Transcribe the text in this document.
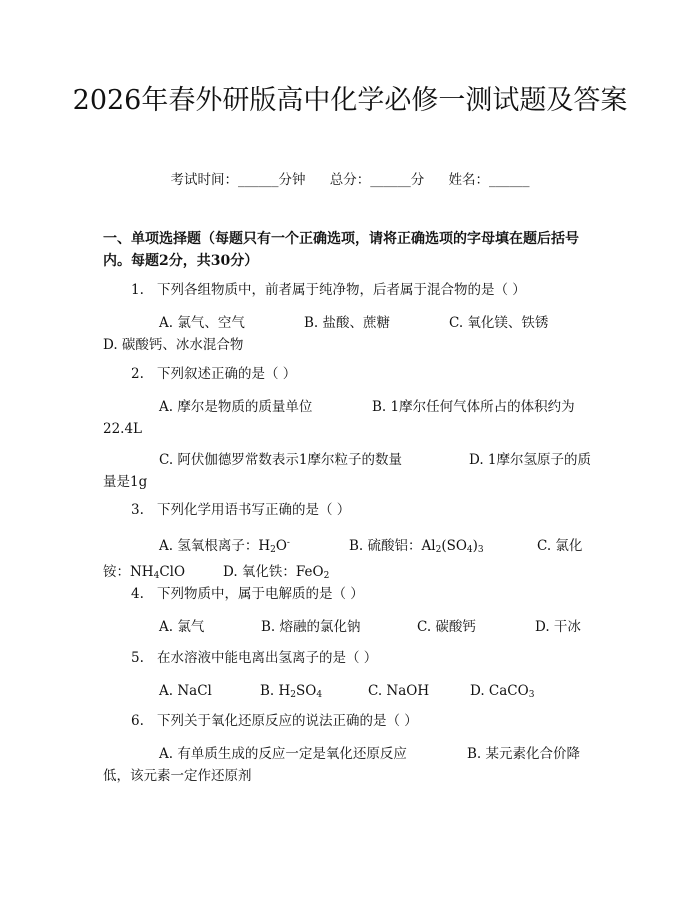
2026年春外研版高中化学必修一测试题及答案
考试时间：______分钟 总分：______分 姓名：______
一、单项选择题（每题只有一个正确选项，请将正确选项的字母填在题后括号内。每题2分，共30分）
1. 下列各组物质中，前者属于纯净物，后者属于混合物的是（ ）
A. 氯气、空气	B. 盐酸、蔗糖	C. 氧化镁、铁锈
D. 碳酸钙、冰水混合物
2. 下列叙述正确的是（ ）
A. 摩尔是物质的质量单位	B. 1摩尔任何气体所占的体积约为
22.4L
C. 阿伏伽德罗常数表示1摩尔粒子的数量	D. 1摩尔氢原子的质
量是1g
3. 下列化学用语书写正确的是（ ）
A. 氢氧根离子：$H_2O^-$	B. 硫酸铝：$Al_2(SO_4)_3$	C. 氯化
铵：$NH_4ClO$	D. 氧化铁：FeO$_2$
4. 下列物质中，属于电解质的是（ ）
A. 氯气	B. 熔融的氯化钠	C. 碳酸钙	D. 干冰
5. 在水溶液中能电离出氢离子的是（ ）
A. NaCl	B. $H_2SO_4$	C. NaOH	D. CaCO$_3$
6. 下列关于氧化还原反应的说法正确的是（ ）
A. 有单质生成的反应一定是氧化还原反应	B. 某元素化合价降
低，该元素一定作还原剂
